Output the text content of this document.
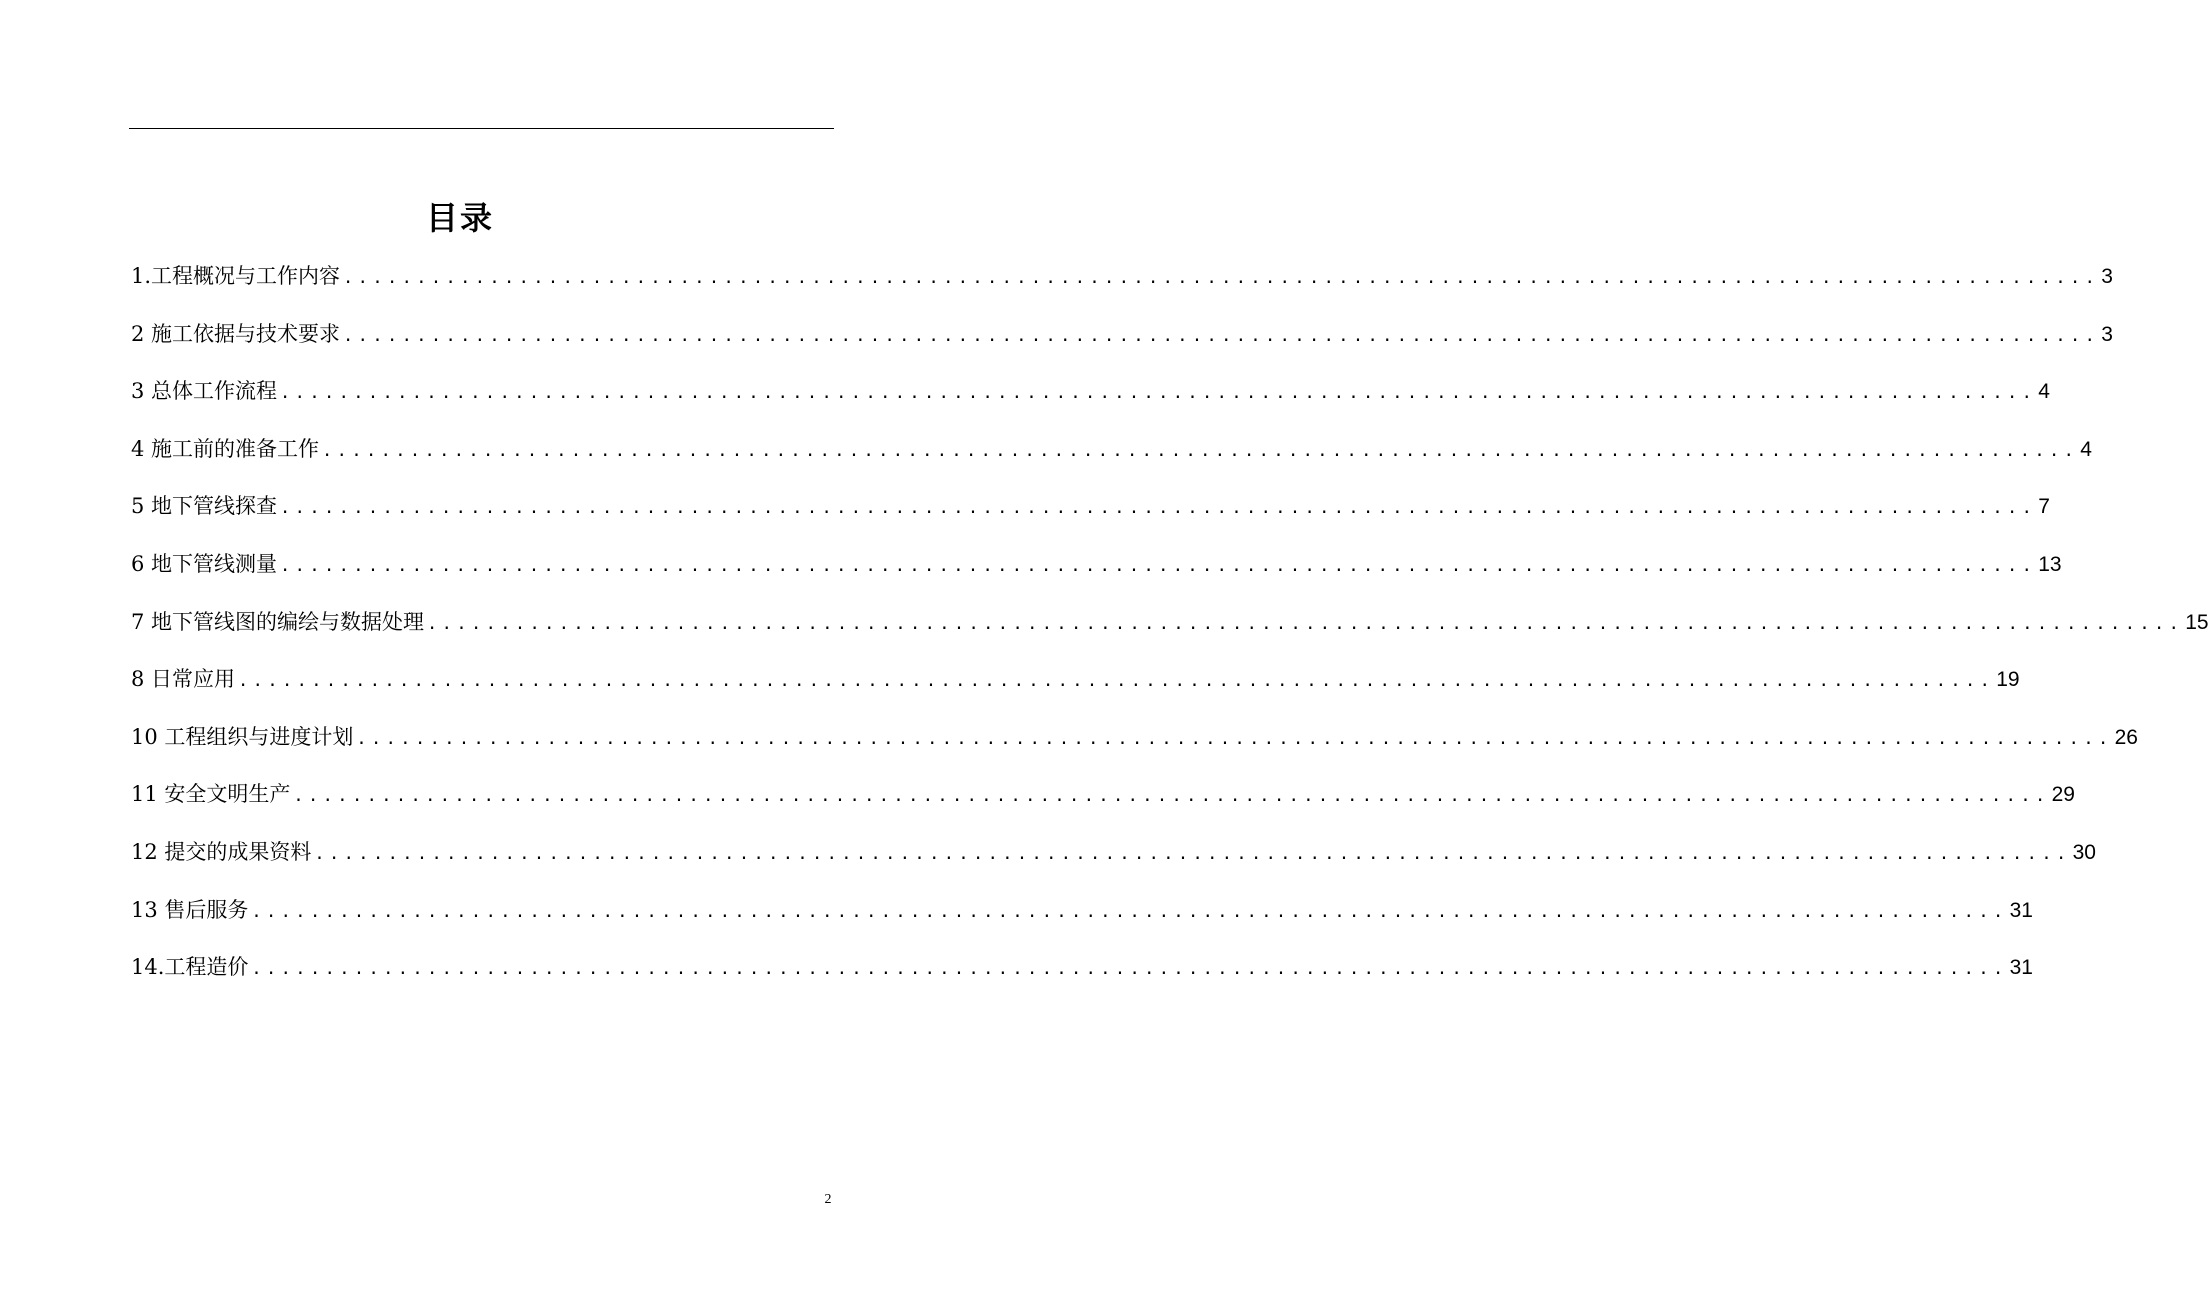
目录
1.工程概况与工作内容 ........................................................................................................................ 3
2 施工依据与技术要求 ........................................................................................................................ 3
3 总体工作流程 ........................................................................................................................ 4
4 施工前的准备工作 ........................................................................................................................ 4
5 地下管线探查 ........................................................................................................................ 7
6 地下管线测量 ........................................................................................................................ 13
7 地下管线图的编绘与数据处理 ........................................................................................................................ 15
8 日常应用 ........................................................................................................................ 19
10 工程组织与进度计划 ........................................................................................................................ 26
11 安全文明生产 ........................................................................................................................ 29
12 提交的成果资料 ........................................................................................................................ 30
13 售后服务 ........................................................................................................................ 31
14.工程造价 ........................................................................................................................ 31
2
